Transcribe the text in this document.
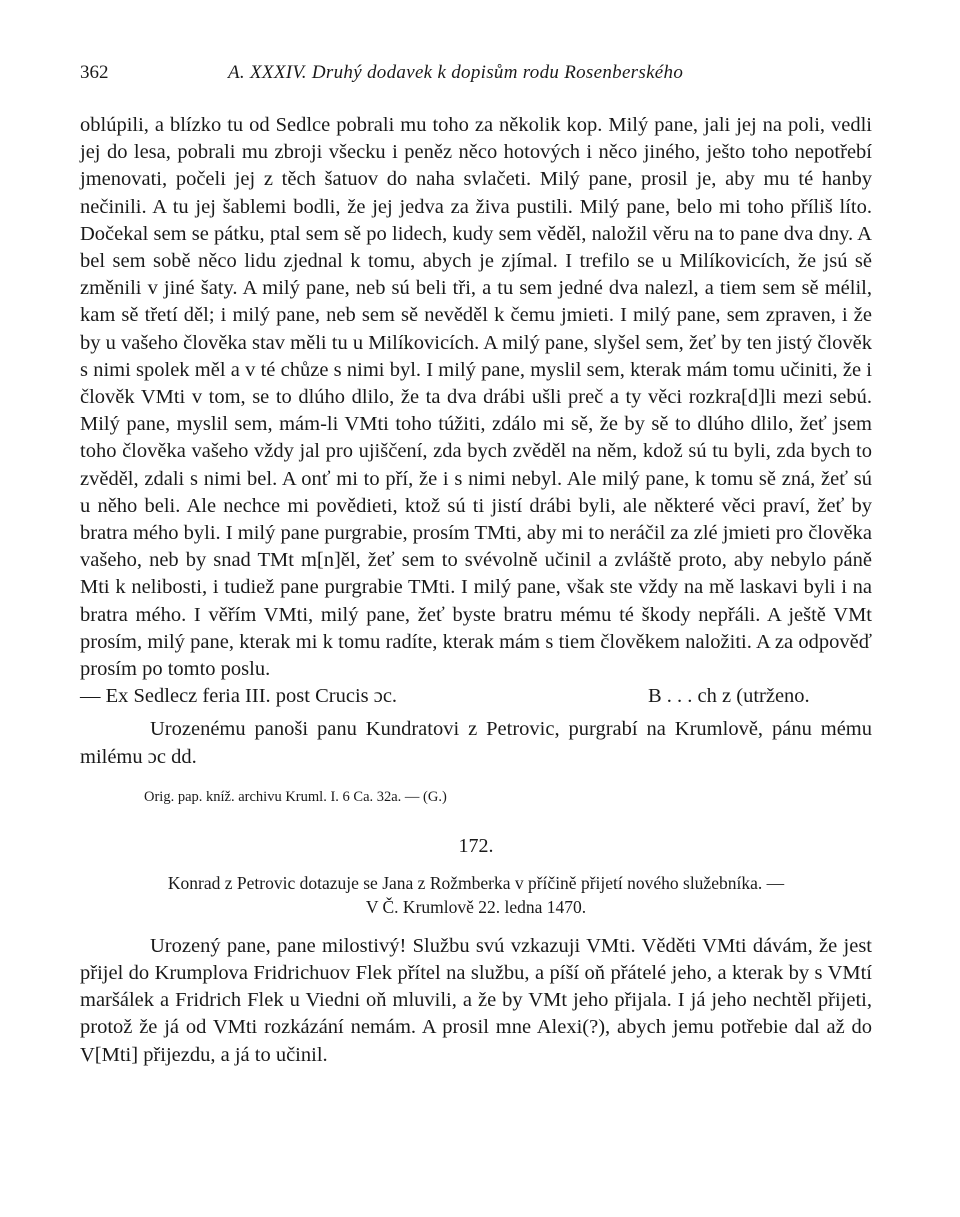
362	A. XXXIV. Druhý dodavek k dopisům rodu Rosenberského

oblúpili, a blízko tu od Sedlce pobrali mu toho za několik kop. Milý pane, jali jej na poli, vedli jej do lesa, pobrali mu zbroji všecku i peněz něco hotových i něco jiného, ješto toho nepotřebí jmenovati, počeli jej z těch šatuov do naha svlačeti. Milý pane, prosil je, aby mu té hanby nečinili. A tu jej šablemi bodli, že jej jedva za živa pustili. Milý pane, belo mi toho příliš líto. Dočekal sem se pátku, ptal sem sě po lidech, kudy sem věděl, naložil věru na to pane dva dny. A bel sem sobě něco lidu zjednal k tomu, abych je zjímal. I trefilo se u Milíkovicích, že jsú sě změnili v jiné šaty. A milý pane, neb sú beli tři, a tu sem jedné dva nalezl, a tiem sem sě mélil, kam sě třetí děl; i milý pane, neb sem sě nevěděl k čemu jmieti. I milý pane, sem zpraven, i že by u vašeho člověka stav měli tu u Milíkovicích. A milý pane, slyšel sem, žeť by ten jistý člověk s nimi spolek měl a v té chůze s nimi byl. I milý pane, myslil sem, kterak mám tomu učiniti, že i člověk VMti v tom, se to dlúho dlilo, že ta dva drábi ušli preč a ty věci rozkra[d]li mezi sebú. Milý pane, myslil sem, mám-li VMti toho túžiti, zdálo mi sě, že by sě to dlúho dlilo, žeť jsem toho člověka vašeho vždy jal pro ujiščení, zda bych zvěděl na něm, kdož sú tu byli, zda bych to zvěděl, zdali s nimi bel. A onť mi to pří, že i s nimi nebyl. Ale milý pane, k tomu sě zná, žeť sú u něho beli. Ale nechce mi povědieti, ktož sú ti jistí drábi byli, ale některé věci praví, žeť by bratra mého byli. I milý pane purgrabie, prosím TMti, aby mi to neráčil za zlé jmieti pro člověka vašeho, neb by snad TMt m[n]ěl, žeť sem to svévolně učinil a zvláště proto, aby nebylo páně Mti k nelibosti, i tudiež pane purgrabie TMti. I milý pane, však ste vždy na mě laskavi byli i na bratra mého. I věřím VMti, milý pane, žeť byste bratru mému té škody nepřáli. A ještě VMt prosím, milý pane, kterak mi k tomu radíte, kterak mám s tiem člověkem naložiti. A za odpověď prosím po tomto poslu.

— Ex Sedlecz feria III. post Crucis ɔc.	B . . . ch z (utrženo.

Urozenému panoši panu Kundratovi z Petrovic, purgrabí na Krumlově, pánu mému milému ɔc dd.

Orig. pap. kníž. archivu Kruml. I. 6 Ca. 32a. — (G.)
172.
Konrad z Petrovic dotazuje se Jana z Rožmberka v příčině přijetí nového služebníka. —
V Č. Krumlově 22. ledna 1470.

Urozený pane, pane milostivý! Službu svú vzkazuji VMti. Věděti VMti dávám, že jest přijel do Krumplova Fridrichuov Flek přítel na službu, a píší oň přátelé jeho, a kterak by s VMtí maršálek a Fridrich Flek u Viedni oň mluvili, a že by VMt jeho přijala. I já jeho nechtěl přijeti, protož že já od VMti rozkázání nemám. A prosil mne Alexi(?), abych jemu potřebie dal až do V[Mti] přijezdu, a já to učinil.
